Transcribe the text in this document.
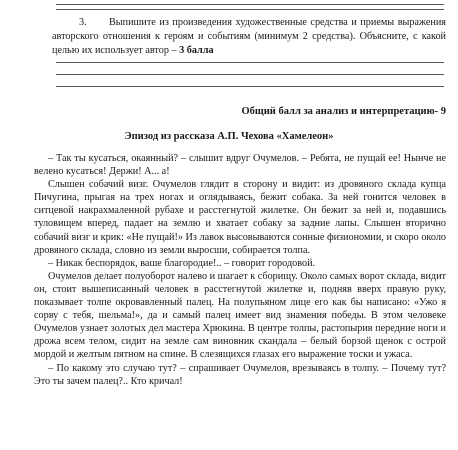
3. Выпишите из произведения художественные средства и приемы выражения авторского отношения к героям и событиям (минимум 2 средства). Объясните, с какой целью их использует автор – 3 балла
Общий балл за анализ и интерпретацию- 9
Эпизод из рассказа А.П. Чехова «Хамелеон»

– Так ты кусаться, окаянный? – слышит вдруг Очумелов. – Ребята, не пущай ее! Нынче не велено кусаться! Держи! А... а!

Слышен собачий визг. Очумелов глядит в сторону и видит: из дровяного склада купца Пичугина, прыгая на трех ногах и оглядываясь, бежит собака. За ней гонится человек в ситцевой накрахмаленной рубахе и расстегнутой жилетке. Он бежит за ней и, подавшись туловищем вперед, падает на землю и хватает собаку за задние лапы. Слышен вторично собачий визг и крик: «Не пущай!» Из лавок высовываются сонные физиономии, и скоро около дровяного склада, словно из земли выросши, собирается толпа.

– Никак беспорядок, ваше благородие!.. – говорит городовой.

Очумелов делает полуоборот налево и шагает к сборищу. Около самых ворот склада, видит он, стоит вышеписанный человек в расстегнутой жилетке и, подняв вверх правую руку, показывает толпе окровавленный палец. На полупьяном лице его как бы написано: «Ужо я сорву с тебя, шельма!», да и самый палец имеет вид знамения победы. В этом человеке Очумелов узнает золотых дел мастера Хрюкина. В центре толпы, растопырив передние ноги и дрожа всем телом, сидит на земле сам виновник скандала – белый борзой щенок с острой мордой и желтым пятном на спине. В слезящихся глазах его выражение тоски и ужаса.

– По какому это случаю тут? – спрашивает Очумелов, врезываясь в толпу. – Почему тут? Это ты зачем палец?.. Кто кричал!
